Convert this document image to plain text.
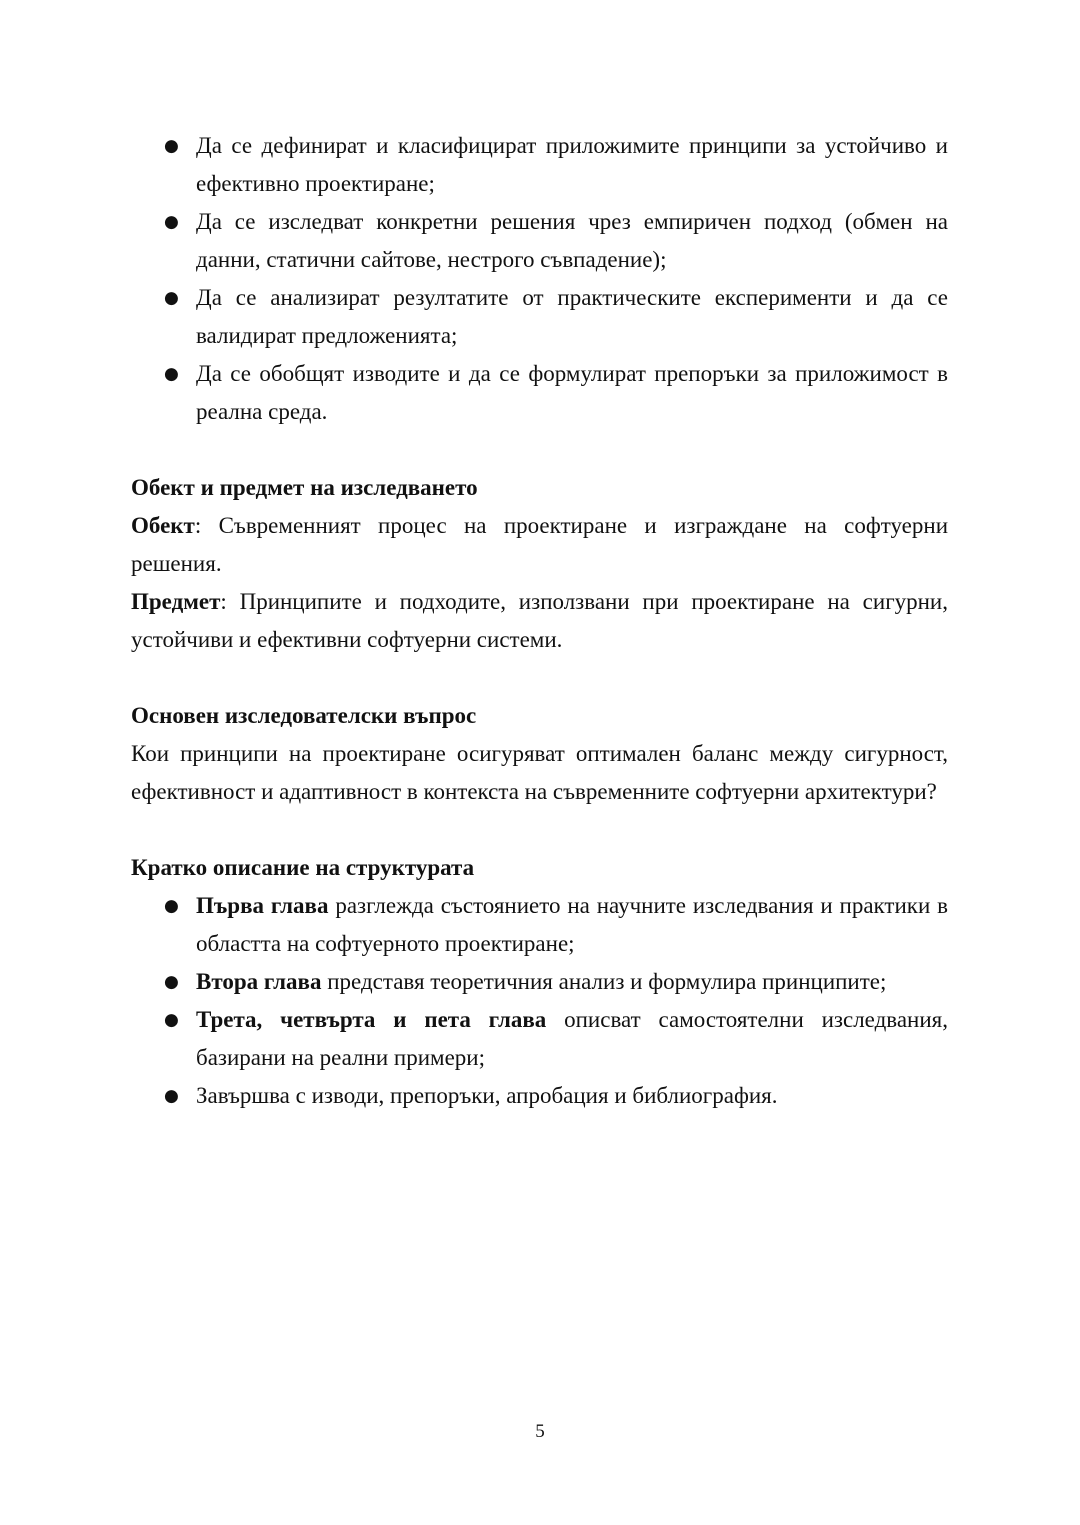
● Да се дефинират и класифицират приложимите принципи за устойчиво и ефективно проектиране;
● Да се изследват конкретни решения чрез емпиричен подход (обмен на данни, статични сайтове, нестрого съвпадение);
● Да се анализират резултатите от практическите експерименти и да се валидират предложенията;
● Да се обобщят изводите и да се формулират препоръки за приложимост в реална среда.

Обект и предмет на изследването

Обект: Съвременният процес на проектиране и изграждане на софтуерни решения.

Предмет: Принципите и подходите, използвани при проектиране на сигурни, устойчиви и ефективни софтуерни системи.

Основен изследователски въпрос

Кои принципи на проектиране осигуряват оптимален баланс между сигурност, ефективност и адаптивност в контекста на съвременните софтуерни архитектури?

Кратко описание на структурата

● Първа глава разглежда състоянието на научните изследвания и практики в областта на софтуерното проектиране;
● Втора глава представя теоретичния анализ и формулира принципите;
● Трета, четвърта и пета глава описват самостоятелни изследвания, базирани на реални примери;
● Завършва с изводи, препоръки, апробация и библиография.
5
